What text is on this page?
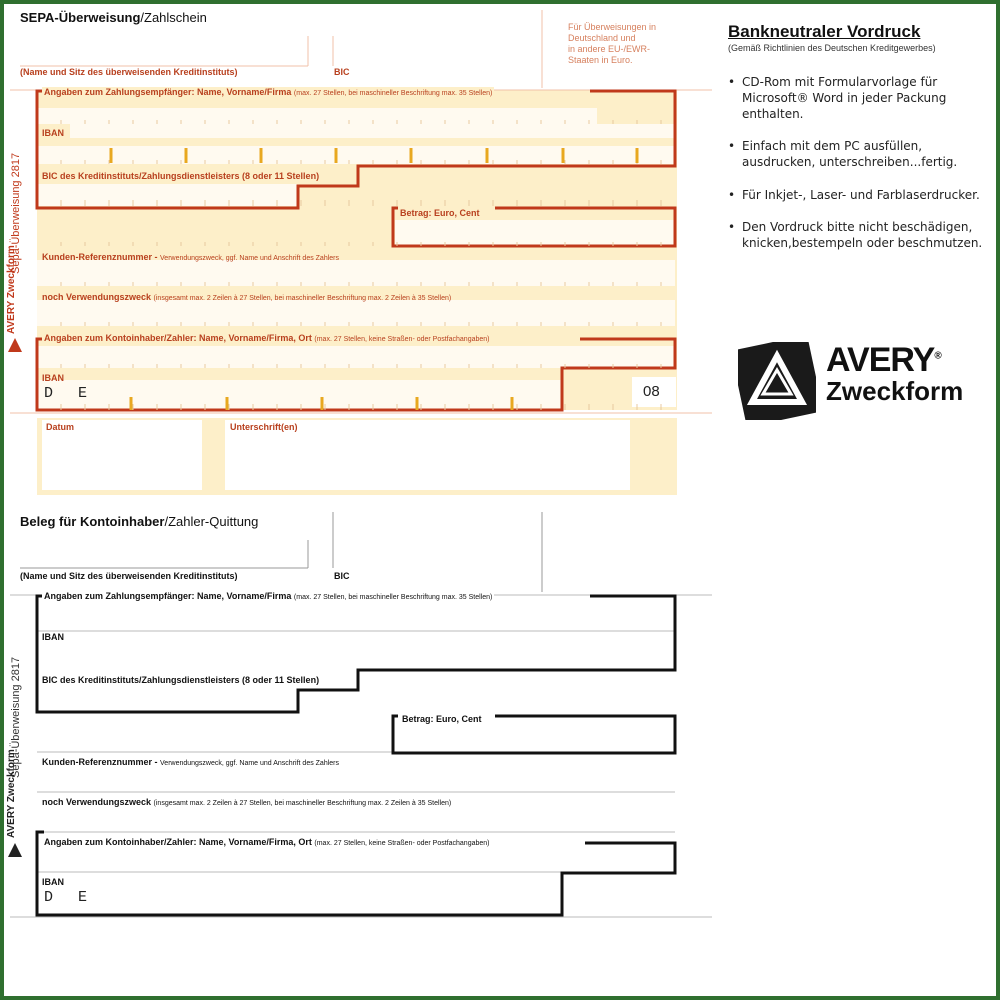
SEPA-Überweisung/Zahlschein
(Name und Sitz des überweisenden Kreditinstituts)	BIC
Für Überweisungen in
Deutschland und
in andere EU-/EWR-
Staaten in Euro.
Angaben zum Zahlungsempfänger: Name, Vorname/Firma (max. 27 Stellen, bei maschineller Beschriftung max. 35 Stellen)
IBAN
BIC des Kreditinstituts/Zahlungsdienstleisters (8 oder 11 Stellen)
Betrag: Euro, Cent
Kunden-Referenznummer - Verwendungszweck, ggf. Name und Anschrift des Zahlers
noch Verwendungszweck (insgesamt max. 2 Zeilen à 27 Stellen, bei maschineller Beschriftung max. 2 Zeilen à 35 Stellen)
Angaben zum Kontoinhaber/Zahler: Name, Vorname/Firma, Ort (max. 27 Stellen, keine Straßen- oder Postfachangaben)
IBAN
D E	08
Datum	Unterschrift(en)
Sepa-Überweisung 2817
AVERY Zweckform
Beleg für Kontoinhaber/Zahler-Quittung
(Name und Sitz des überweisenden Kreditinstituts)	BIC
Angaben zum Zahlungsempfänger: Name, Vorname/Firma (max. 27 Stellen, bei maschineller Beschriftung max. 35 Stellen)
IBAN
BIC des Kreditinstituts/Zahlungsdienstleisters (8 oder 11 Stellen)
Betrag: Euro, Cent
Kunden-Referenznummer - Verwendungszweck, ggf. Name und Anschrift des Zahlers
noch Verwendungszweck (insgesamt max. 2 Zeilen à 27 Stellen, bei maschineller Beschriftung max. 2 Zeilen à 35 Stellen)
Angaben zum Kontoinhaber/Zahler: Name, Vorname/Firma, Ort (max. 27 Stellen, keine Straßen- oder Postfachangaben)
IBAN
D E
Sepa-Überweisung 2817
AVERY Zweckform
Bankneutraler Vordruck
(Gemäß Richtlinien des Deutschen Kreditgewerbes)
• CD-Rom mit Formularvorlage für Microsoft® Word in jeder Packung enthalten.
• Einfach mit dem PC ausfüllen, ausdrucken, unterschreiben...fertig.
• Für Inkjet-, Laser- und Farblaserdrucker.
• Den Vordruck bitte nicht beschädigen, knicken,bestempeln oder beschmutzen.
AVERY®
Zweckform
